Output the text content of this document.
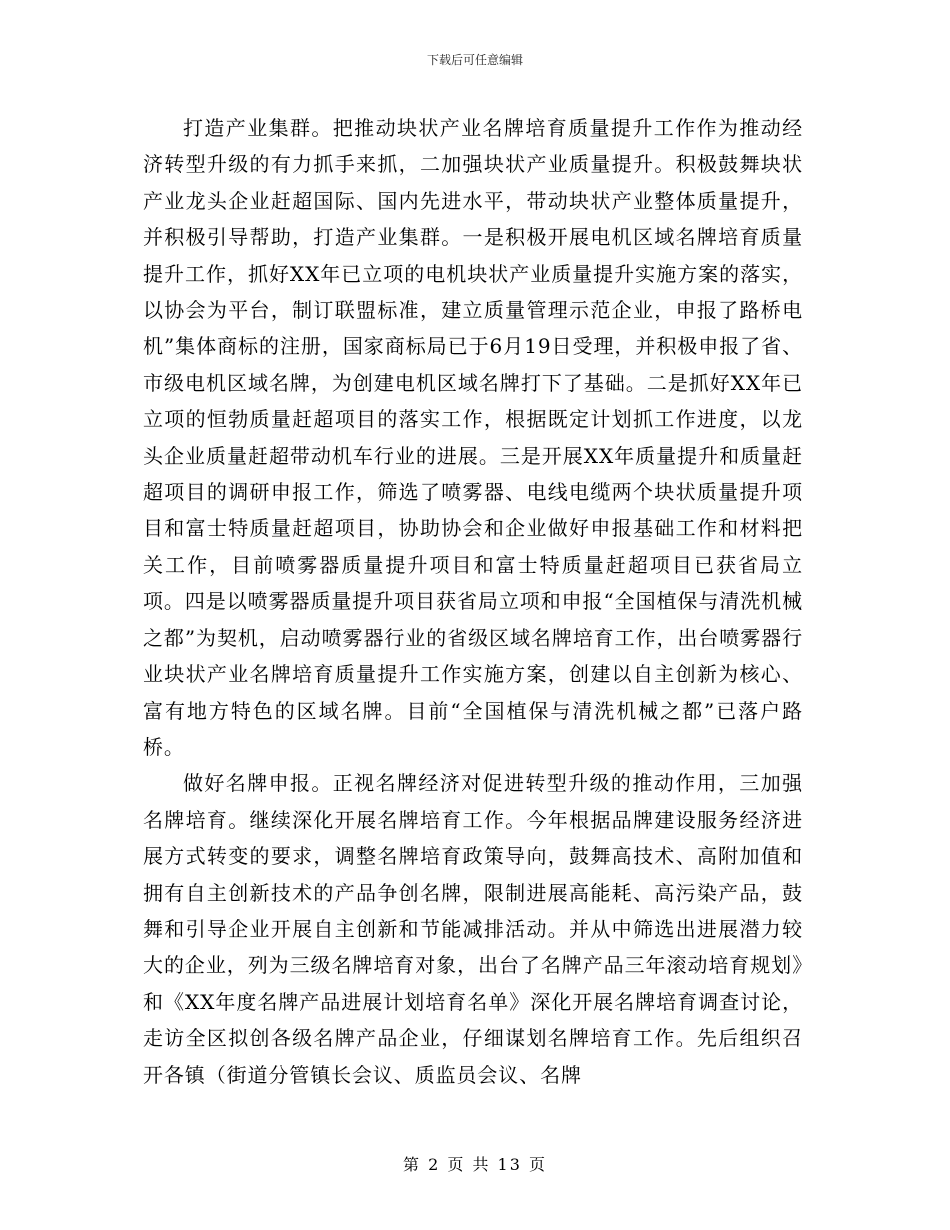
下载后可任意编辑

打造产业集群。把推动块状产业名牌培育质量提升工作作为推动经济转型升级的有力抓手来抓，二加强块状产业质量提升。积极鼓舞块状产业龙头企业赶超国际、国内先进水平，带动块状产业整体质量提升，并积极引导帮助，打造产业集群。一是积极开展电机区域名牌培育质量提升工作，抓好XX年已立项的电机块状产业质量提升实施方案的落实，以协会为平台，制订联盟标准，建立质量管理示范企业，申报了路桥电机”集体商标的注册，国家商标局已于6月19日受理，并积极申报了省、市级电机区域名牌，为创建电机区域名牌打下了基础。二是抓好XX年已立项的恒勃质量赶超项目的落实工作，根据既定计划抓工作进度，以龙头企业质量赶超带动机车行业的进展。三是开展XX年质量提升和质量赶超项目的调研申报工作，筛选了喷雾器、电线电缆两个块状质量提升项目和富士特质量赶超项目，协助协会和企业做好申报基础工作和材料把关工作，目前喷雾器质量提升项目和富士特质量赶超项目已获省局立项。四是以喷雾器质量提升项目获省局立项和申报“全国植保与清洗机械之都”为契机，启动喷雾器行业的省级区域名牌培育工作，出台喷雾器行业块状产业名牌培育质量提升工作实施方案，创建以自主创新为核心、富有地方特色的区域名牌。目前“全国植保与清洗机械之都”已落户路桥。

做好名牌申报。正视名牌经济对促进转型升级的推动作用，三加强名牌培育。继续深化开展名牌培育工作。今年根据品牌建设服务经济进展方式转变的要求，调整名牌培育政策导向，鼓舞高技术、高附加值和拥有自主创新技术的产品争创名牌，限制进展高能耗、高污染产品，鼓舞和引导企业开展自主创新和节能减排活动。并从中筛选出进展潜力较大的企业，列为三级名牌培育对象，出台了名牌产品三年滚动培育规划》和《XX年度名牌产品进展计划培育名单》深化开展名牌培育调查讨论，走访全区拟创各级名牌产品企业，仔细谋划名牌培育工作。先后组织召开各镇（街道分管镇长会议、质监员会议、名牌

第 2 页 共 13 页
